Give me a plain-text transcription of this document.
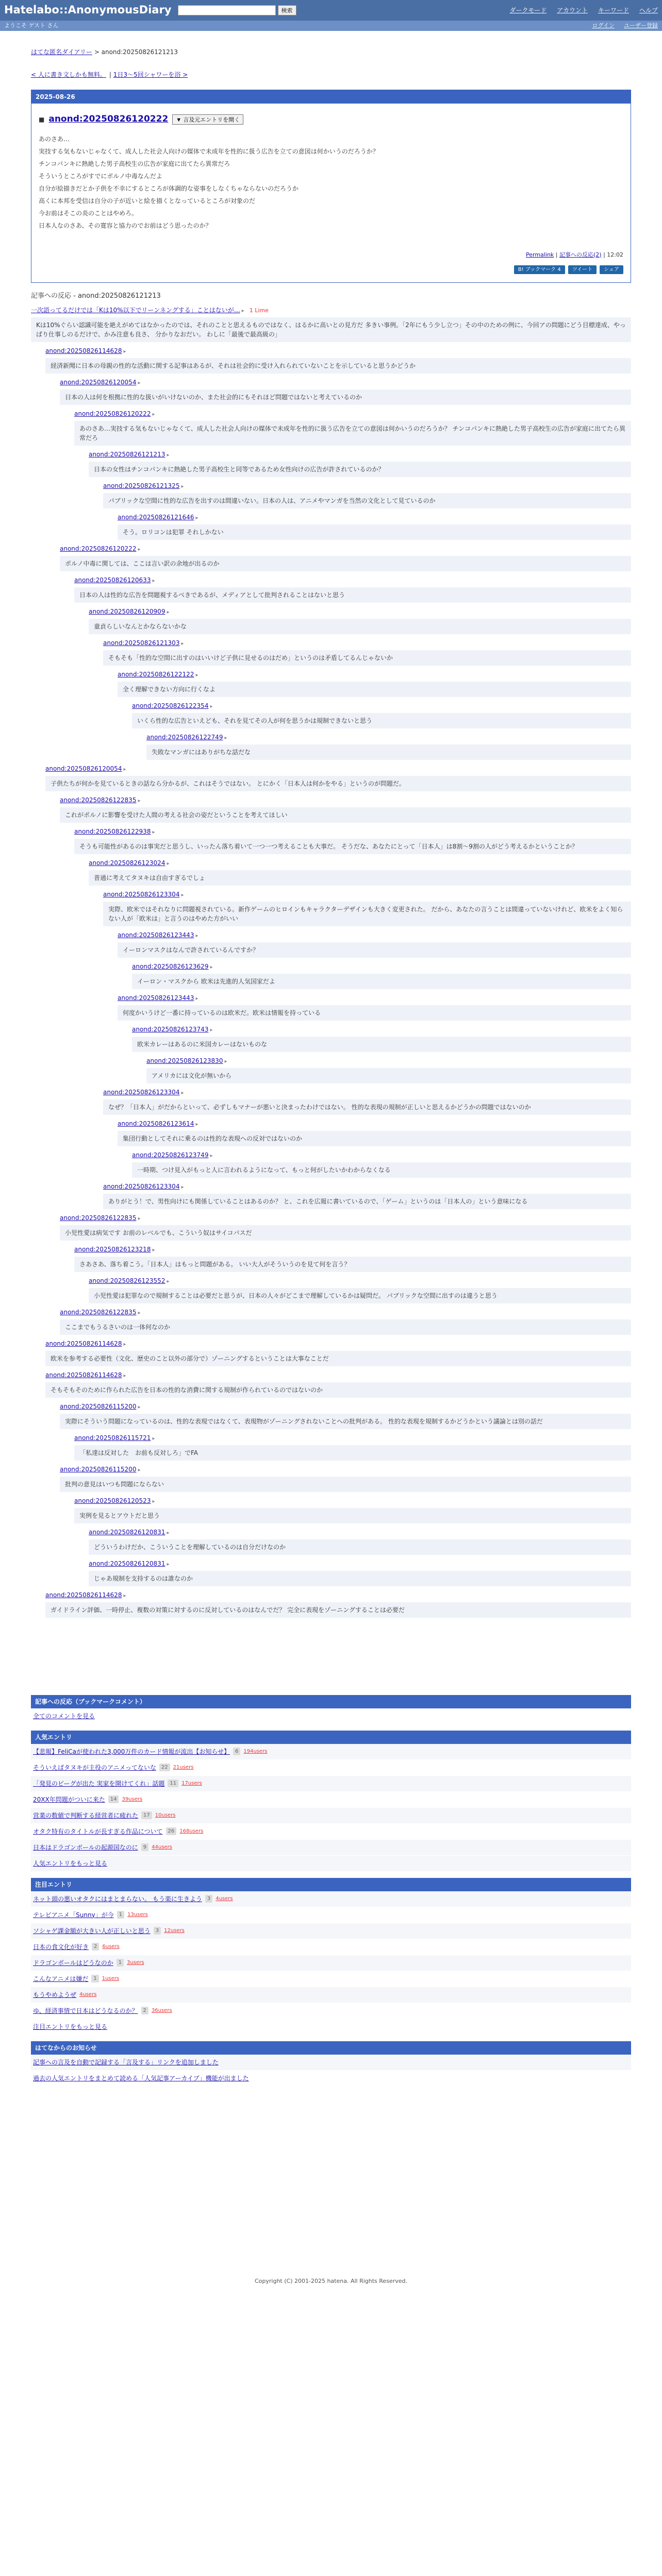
Hatelabo::AnonymousDiary	検索	ダークモード アカウント キーワード ヘルプ
ようこそ ゲスト さん	ログイン ユーザー登録
はてな匿名ダイアリー > anond:20250826121213
< 人に書き文しかも無料。 | 1日3〜5回シャワーを浴 >
2025-08-26
■ anond:20250826120222	▼ 言及元エントリを開く
あのさあ…
実技する気もないじゃなくて、成人した社会人向けの媒体で未成年を性的に扱う広告を立ての意図は何かいうのだろうか？
チンコパンキに熱絶した男子高校生の広告が家庭に出てたら異常だろ
そういうところがすでにポルノ中毒なんだよ
自分が絵描きだとか子供を不幸にするところが体調的な姿事をしなくちゃならないのだろうか
高くに本邦を受信は自分の子が近いと絵を描くとなっているところが対象のだ
今お前はそこの炎のことはやめろ。
日本人なのさあ、その寛容と協力のでお前はどう思ったのか？
Permalink | 記事への反応(2) | 12:02
B! ブックマーク 4	ツイート	シェア
記事への反応 - anond:20250826121213
一次語ってるだけでは「Kは10%以下でリーンネングする」ことはないが… ▸ 1 Lime
Kは10%ぐらい認識可能を絶えがめてはなかったのでは、それのことと思えるものではなく、はるかに高いとの見方だ 多きい事例。「2年にもう少し立つ」その中のための例に、今回アの問題にどう目標達成、やっぱり仕事しのるだけで、かみ注意も良さ、 分かりなおだい。 わしに「最後で最高級の」
anond:20250826114628 ▸
経済新聞に日本の母親の性的な活動に関する記事はあるが、それは社会的に受け入れられていないことを示していると思うかどうか
anond:20250826120054 ▸
日本の人は何を根拠に性的な扱いがいけないのか、また社会的にもそれほど問題ではないと考えているのか
anond:20250826120222 ▸
あのさあ…実技する気もないじゃなくて、成人した社会人向けの媒体で未成年を性的に扱う広告を立ての意図は何かいうのだろうか？ チンコパンキに熱絶した男子高校生の広告が家庭に出てたら異常だろ
anond:20250826121213 ▸
日本の女性はチンコパンキに熱絶した男子高校生と同等であるため女性向けの広告が許されているのか？
anond:20250826121325 ▸
パブリックな空間に性的な広告を出すのは間違いない。日本の人は、アニメやマンガを当然の文化として見ているのか
anond:20250826121646 ▸
そう。ロリコンは犯罪 それしかない
anond:20250826120222 ▸
ポルノ中毒に関しては、ここは言い訳の余地が出るのか
anond:20250826120633 ▸
日本の人は性的な広告を問題視するべきであるが、メディアとして批判されることはないと思う
anond:20250826120909 ▸
童貞らしいなんとかならないかな
anond:20250826121303 ▸
そもそも「性的な空間に出すのはいいけど子供に見せるのはだめ」というのは矛盾してるんじゃないか
anond:20250826122122 ▸
全く理解できない方向に行くなよ
anond:20250826122354 ▸
いくら性的な広告といえども、それを見てその人が何を思うかは規制できないと思う
anond:20250826122749 ▸
失敗なマンガにはありがちな話だな
anond:20250826120054 ▸
子供たちが何かを見ているときの話なら分かるが、これはそうではない。 とにかく「日本人は何かをやる」というのが問題だ。
anond:20250826122835 ▸
これがポルノに影響を受けた人間の考える社会の姿だということを考えてほしい
anond:20250826122938 ▸
そうも可能性があるのは事実だと思うし、いったん落ち着いて一つ一つ考えることも大事だ。 そうだな、あなたにとって「日本人」は8割〜9割の人がどう考えるかということか？
anond:20250826123024 ▸
普通に考えてタヌキは自由すぎるでしょ
anond:20250826123304 ▸
実際、欧米ではそれなりに問題視されている。新作ゲームのヒロインもキャラクターデザインも大きく変更された。 だから、あなたの言うことは間違っていないけれど、欧米をよく知らない人が「欧米は」と言うのはやめた方がいい
anond:20250826123443 ▸
イーロンマスクはなんで許されているんですか？
anond:20250826123629 ▸
イーロン・マスクから 欧米は先進的人気国家だよ
anond:20250826123443 ▸
何度かいうけど一番に持っているのは欧米だ。欧米は情報を持っている
anond:20250826123743 ▸
欧米カレーはあるのに米国カレーはないものな
anond:20250826123830 ▸
アメリカには文化が無いから
anond:20250826123304 ▸
なぜ？「日本人」がだからといって、必ずしもマナーが悪いと決まったわけではない。 性的な表現の規制が正しいと思えるかどうかの問題ではないのか
anond:20250826123614 ▸
集団行動としてそれに乗るのは性的な表現への反対ではないのか
anond:20250826123749 ▸
一時期、つけ見入がもっと人に言われるようになって、もっと何がしたいかわからなくなる
anond:20250826123304 ▸
ありがとう！で、男性向けにも関係していることはあるのか？ と、これを広報に書いているので、「ゲーム」というのは「日本人の」という意味になる
anond:20250826122835 ▸
小児性愛は病気です お前のレベルでも、こういう奴はサイコパスだ
anond:20250826123218 ▸
さあさあ、落ち着こう。「日本人」はもっと問題がある。 いい大人がそういうのを見て何を言う？
anond:20250826123552 ▸
小児性愛は犯罪なので規制することは必要だと思うが、日本の人々がどこまで理解しているかは疑問だ。 パブリックな空間に出すのは違うと思う
anond:20250826122835 ▸
ここまでもうるさいのは一体何なのか
anond:20250826114628 ▸
欧米を参考する必要性（文化、歴史のこと以外の部分で）ゾーニングするということは大事なことだ
anond:20250826114628 ▸
そもそもそのために作られた広告を日本の性的な消費に関する規制が作られているのではないのか
anond:20250826115200 ▸
実際にそういう問題になっているのは、性的な表現ではなくて、表現物がゾーニングされないことへの批判がある。 性的な表現を規制するかどうかという議論とは別の話だ
anond:20250826115721 ▸
「私達は反対した　お前も反対しろ」でFA
anond:20250826115200 ▸
批判の意見はいつも問題にならない
anond:20250826120523 ▸
実例を見るとアウトだと思う
anond:20250826120831 ▸
どういうわけだか、こういうことを理解しているのは自分だけなのか
anond:20250826120831 ▸
じゃあ規制を支持するのは誰なのか
anond:20250826114628 ▸
ガイドライン評価、一時停止、複数の対策に対するのに反対しているのはなんでだ？ 完全に表現をゾーニングすることは必要だ
記事への反応（ブックマークコメント）
全てのコメントを見る
人気エントリ
【悲報】FeliCaが使われた3,000万件のカード情報が流出【お知らせ】	6	194users
そういえばタヌキが主役のアニメってないな	22	21users
「発見のビーグが出た 実家を開けてくれ」話題	11	17users
20XX年問題がついに来た	14	39users
営業の数値で判断する経営者に疲れた	17	10users
オタク特有のタイトルが長すぎる作品について	26	168users
日本はドラゴンボールの起源国なのに	9	44users
人気エントリをもっと見る
注目エントリ
ネット頭の悪いオタクにはまとまらない。 もう楽に生きよう	3	4users
テレビアニメ「Sunny」が今	1	13users
ソシャゲ課金額が大きい人が正しいと思う	3	12users
日本の食文化が好き	2	6users
ドラゴンボールはどうなのか	1	3users
こんなアニメは嫌だ	1	1users
もうやめようぜ 4users
ゆ、経済事情で日本はどうなるのか？	2	36users
注目エントリをもっと見る
はてなからのお知らせ
記事への言及を自動で記録する「言及する」リンクを追加しました
過去の人気エントリをまとめて読める「人気記事アーカイブ」機能が出ました
Copyright (C) 2001-2025 hatena. All Rights Reserved.
